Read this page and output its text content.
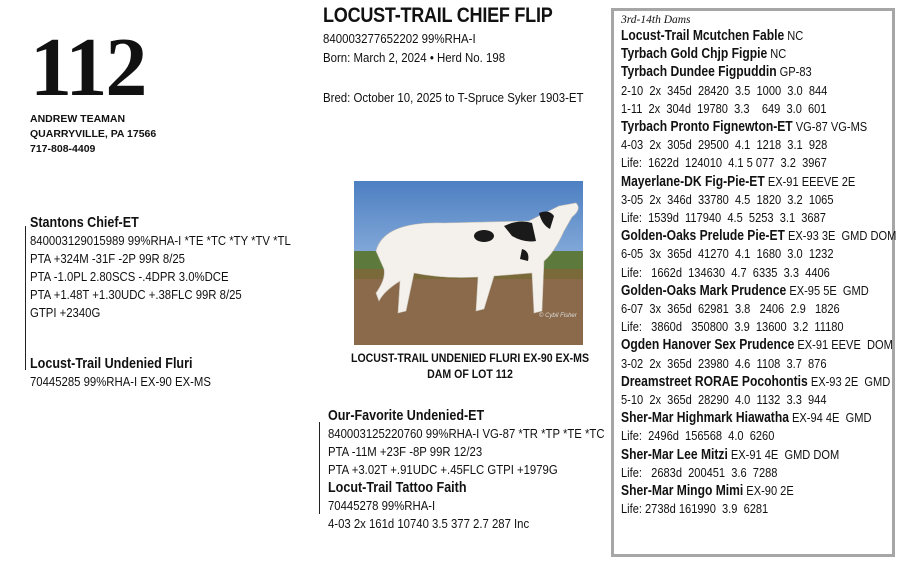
112
ANDREW TEAMAN
QUARRYVILLE, PA 17566
717-808-4409
LOCUST-TRAIL CHIEF FLIP
840003277652202 99%RHA-I
Born: March 2, 2024 • Herd No. 198
Bred: October 10, 2025 to T-Spruce Syker 1903-ET
Stantons Chief-ET
840003129015989 99%RHA-I *TE *TC *TY *TV *TL
PTA +324M -31F -2P 99R 8/25
PTA -1.0PL 2.80SCS -.4DPR 3.0%DCE
PTA +1.48T +1.30UDC +.38FLC 99R 8/25
GTPI +2340G
Locust-Trail Undenied Fluri
70445285 99%RHA-I EX-90 EX-MS
© Cybil Fisher
LOCUST-TRAIL UNDENIED FLURI EX-90 EX-MS
DAM OF LOT 112
Our-Favorite Undenied-ET
840003125220760 99%RHA-I VG-87 *TR *TP *TE *TC
PTA -11M +23F -8P 99R 12/23
PTA +3.02T +.91UDC +.45FLC GTPI +1979G
Locut-Trail Tattoo Faith
70445278 99%RHA-I
4-03 2x 161d 10740 3.5 377 2.7 287 Inc
3rd-14th Dams
Locust-Trail Mcutchen Fable NC
Tyrbach Gold Chjp Figpie NC
Tyrbach Dundee Figpuddin GP-83
2-10  2x  345d  28420  3.5  1000  3.0  844
1-11  2x  304d  19780  3.3    649  3.0  601
Tyrbach Pronto Fignewton-ET VG-87 VG-MS
4-03  2x  305d  29500  4.1  1218  3.1  928
Life:  1622d  124010  4.1 5 077  3.2  3967
Mayerlane-DK Fig-Pie-ET EX-91 EEEVE 2E
3-05  2x  346d  33780  4.5  1820  3.2  1065
Life:  1539d  117940  4.5  5253  3.1  3687
Golden-Oaks Prelude Pie-ET EX-93 3E  GMD DOM
6-05  3x  365d  41270  4.1  1680  3.0  1232
Life:   1662d  134630  4.7  6335  3.3  4406
Golden-Oaks Mark Prudence EX-95 5E  GMD
6-07  3x  365d  62981  3.8   2406  2.9   1826
Life:   3860d   350800  3.9  13600  3.2  11180
Ogden Hanover Sex Prudence EX-91 EEVE  DOM
3-02  2x  365d  23980  4.6  1108  3.7  876
Dreamstreet RORAE Pocohontis EX-93 2E  GMD
5-10  2x  365d  28290  4.0  1132  3.3  944
Sher-Mar Highmark Hiawatha EX-94 4E  GMD
Life:  2496d  156568  4.0  6260
Sher-Mar Lee Mitzi EX-91 4E  GMD DOM
Life:   2683d  200451  3.6  7288
Sher-Mar Mingo Mimi EX-90 2E
Life: 2738d 161990  3.9  6281
